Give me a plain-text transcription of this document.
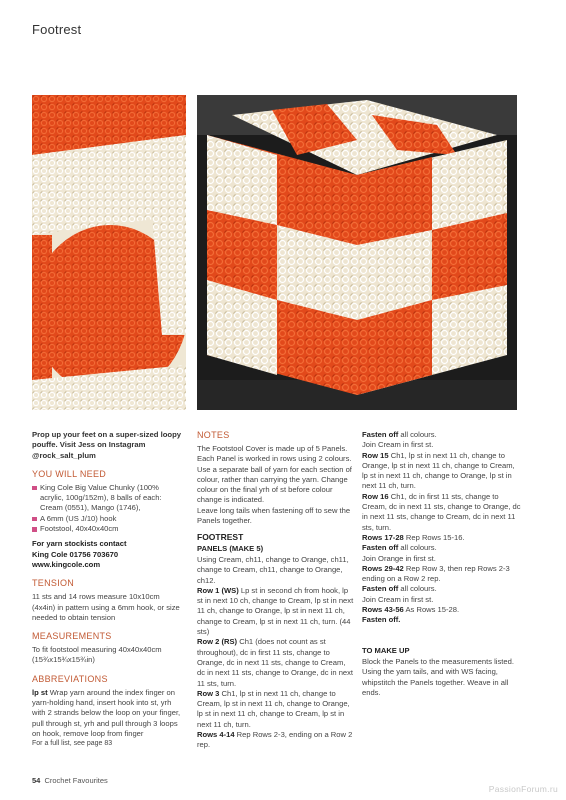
Footrest

Prop up your feet on a super-sized loopy pouffe. Visit Jess on Instagram @rock_salt_plum

YOU WILL NEED
King Cole Big Value Chunky (100% acrylic, 100g/152m), 8 balls of each: Cream (0551), Mango (1746),
A 6mm (US J/10) hook
Footstool, 40x40x40cm

For yarn stockists contact

King Cole 01756 703670

www.kingcole.com

TENSION

11 sts and 14 rows measure 10x10cm (4x4in) in pattern using a 6mm hook, or size needed to obtain tension

MEASUREMENTS

To fit footstool measuring 40x40x40cm (15¾x15¾x15¾in)

ABBREVIATIONS

lp st Wrap yarn around the index finger on yarn-holding hand, insert hook into st, yrh with 2 strands below the loop on your finger, pull through st, yrh and pull through 3 loops on hook, remove loop from finger

For a full list, see page 83

NOTES

The Footstool Cover is made up of 5 Panels. Each Panel is worked in rows using 2 colours. Use a separate ball of yarn for each section of colour, rather than carrying the yarn. Change colour on the final yrh of st before colour change is indicated.

Leave long tails when fastening off to sew the Panels together.

FOOTREST
PANELS (MAKE 5)

Using Cream, ch11, change to Orange, ch11, change to Cream, ch11, change to Orange, ch12.

Row 1 (WS) Lp st in second ch from hook, lp st in next 10 ch, change to Cream, lp st in next 11 ch, change to Orange, lp st in next 11 ch, change to Cream, lp st in next 11 ch, turn. (44 sts)

Row 2 (RS) Ch1 (does not count as st throughout), dc in first 11 sts, change to Orange, dc in next 11 sts, change to Cream, dc in next 11 sts, change to Orange, dc in next 11 sts, turn.

Row 3 Ch1, lp st in next 11 ch, change to Cream, lp st in next 11 ch, change to Orange, lp st in next 11 ch, change to Cream, lp st in next 11 ch, turn.

Rows 4-14 Rep Rows 2-3, ending on a Row 2 rep.

Fasten off all colours.

Join Cream in first st.

Row 15 Ch1, lp st in next 11 ch, change to Orange, lp st in next 11 ch, change to Cream, lp st in next 11 ch, change to Orange, lp st in next 11 ch, turn.

Row 16 Ch1, dc in first 11 sts, change to Cream, dc in next 11 sts, change to Orange, dc in next 11 sts, change to Cream, dc in next 11 sts, turn.

Rows 17-28 Rep Rows 15-16.

Fasten off all colours.

Join Orange in first st.

Rows 29-42 Rep Row 3, then rep Rows 2-3 ending on a Row 2 rep.

Fasten off all colours.

Join Cream in first st.

Rows 43-56 As Rows 15-28.

Fasten off.

TO MAKE UP

Block the Panels to the measurements listed. Using the yarn tails, and with WS facing, whipstitch the Panels together. Weave in all ends.

54 Crochet Favourites
PassionForum.ru
